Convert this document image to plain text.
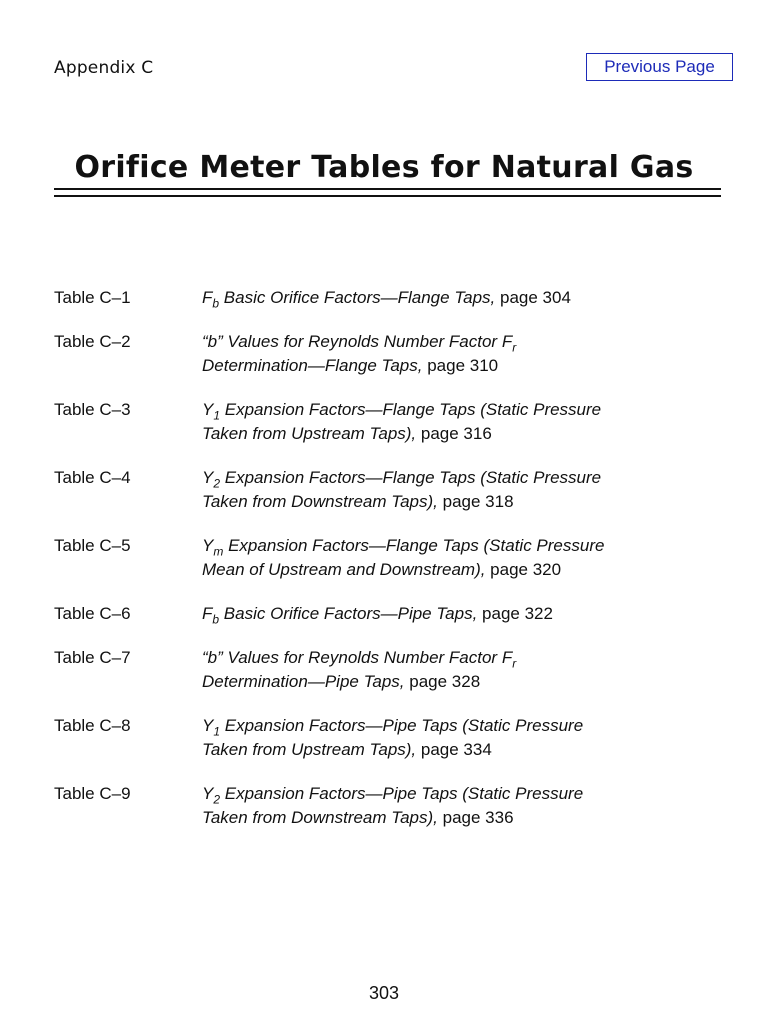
Appendix C	Previous Page
Orifice Meter Tables for Natural Gas
Table C–1	$F_b$ Basic Orifice Factors—Flange Taps, page 304
Table C–2	“b” Values for Reynolds Number Factor $F_r$
Determination—Flange Taps, page 310
Table C–3	$Y_1$ Expansion Factors—Flange Taps (Static Pressure
Taken from Upstream Taps), page 316
Table C–4	$Y_2$ Expansion Factors—Flange Taps (Static Pressure
Taken from Downstream Taps), page 318
Table C–5	$Y_m$ Expansion Factors—Flange Taps (Static Pressure
Mean of Upstream and Downstream), page 320
Table C–6	$F_b$ Basic Orifice Factors—Pipe Taps, page 322
Table C–7	“b” Values for Reynolds Number Factor $F_r$
Determination—Pipe Taps, page 328
Table C–8	$Y_1$ Expansion Factors—Pipe Taps (Static Pressure
Taken from Upstream Taps), page 334
Table C–9	$Y_2$ Expansion Factors—Pipe Taps (Static Pressure
Taken from Downstream Taps), page 336
303
